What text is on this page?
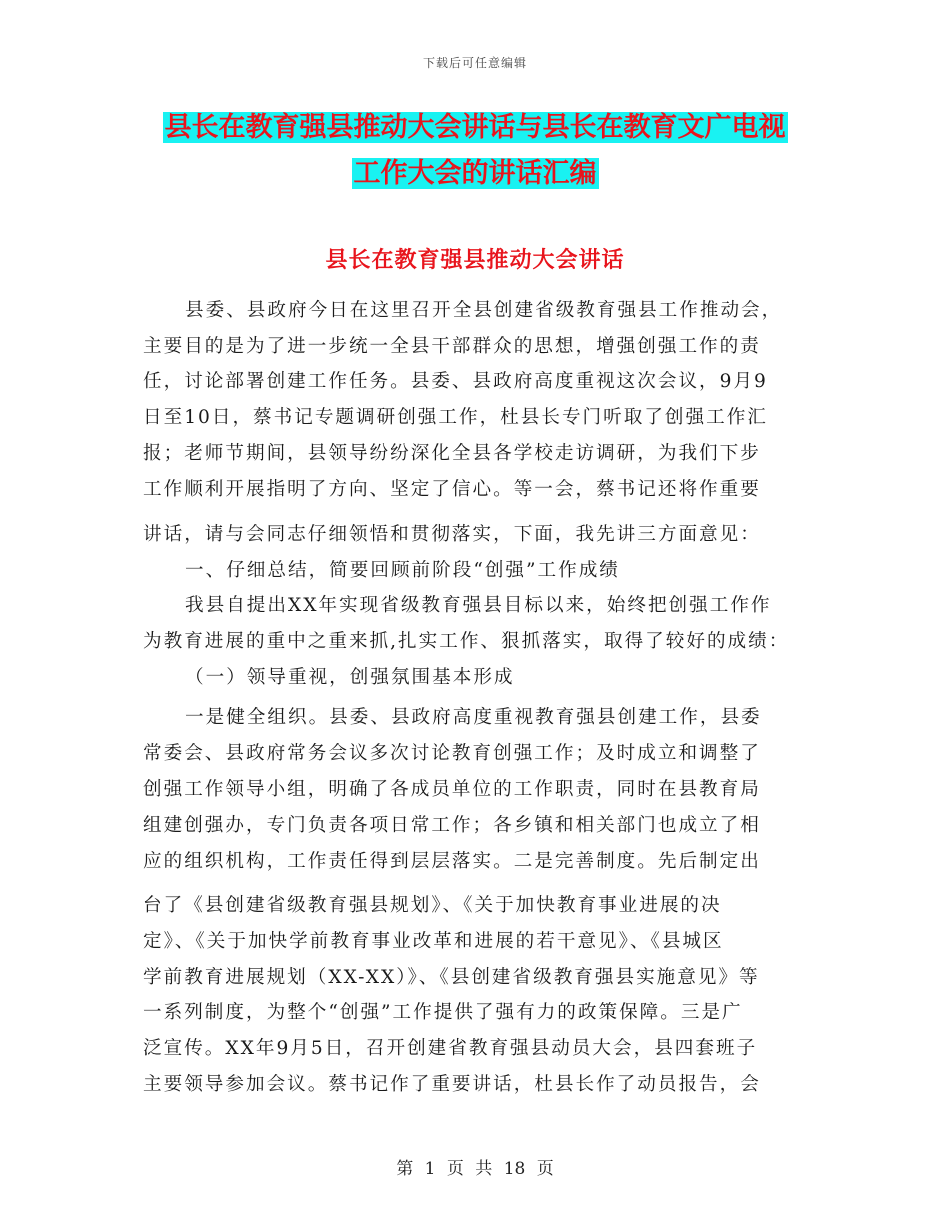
下载后可任意编辑
县长在教育强县推动大会讲话与县长在教育文广电视
工作大会的讲话汇编
县长在教育强县推动大会讲话
县委、县政府今日在这里召开全县创建省级教育强县工作推动会，
主要目的是为了进一步统一全县干部群众的思想，增强创强工作的责
任，讨论部署创建工作任务。县委、县政府高度重视这次会议，9月9
日至10日，蔡书记专题调研创强工作，杜县长专门听取了创强工作汇
报；老师节期间，县领导纷纷深化全县各学校走访调研，为我们下步
工作顺利开展指明了方向、坚定了信心。等一会，蔡书记还将作重要
讲话，请与会同志仔细领悟和贯彻落实，下面，我先讲三方面意见：
一、仔细总结，简要回顾前阶段“创强”工作成绩
我县自提出XX年实现省级教育强县目标以来，始终把创强工作作
为教育进展的重中之重来抓,扎实工作、狠抓落实，取得了较好的成绩：
（一）领导重视，创强氛围基本形成
一是健全组织。县委、县政府高度重视教育强县创建工作，县委
常委会、县政府常务会议多次讨论教育创强工作；及时成立和调整了
创强工作领导小组，明确了各成员单位的工作职责，同时在县教育局
组建创强办，专门负责各项日常工作；各乡镇和相关部门也成立了相
应的组织机构，工作责任得到层层落实。二是完善制度。先后制定出
台了《县创建省级教育强县规划》、《关于加快教育事业进展的决
定》、《关于加快学前教育事业改革和进展的若干意见》、《县城区
学前教育进展规划（XX-XX）》、《县创建省级教育强县实施意见》等
一系列制度，为整个“创强”工作提供了强有力的政策保障。三是广
泛宣传。XX年9月5日，召开创建省教育强县动员大会，县四套班子
主要领导参加会议。蔡书记作了重要讲话，杜县长作了动员报告，会
第 1 页 共 18 页
